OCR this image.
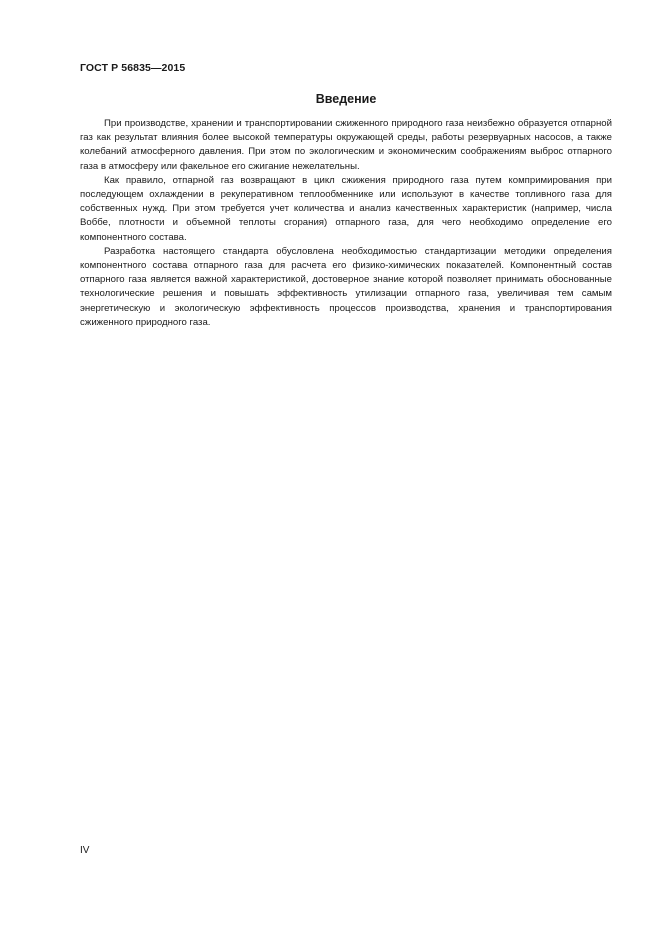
ГОСТ Р 56835—2015
Введение

При производстве, хранении и транспортировании сжиженного природного газа неизбежно образуется отпарной газ как результат влияния более высокой температуры окружающей среды, работы резервуарных насосов, а также колебаний атмосферного давления. При этом по экологическим и экономическим соображениям выброс отпарного газа в атмосферу или факельное его сжигание нежелательны.

Как правило, отпарной газ возвращают в цикл сжижения природного газа путем компримирования при последующем охлаждении в рекуперативном теплообменнике или используют в качестве топливного газа для собственных нужд. При этом требуется учет количества и анализ качественных характеристик (например, числа Воббе, плотности и объемной теплоты сгорания) отпарного газа, для чего необходимо определение его компонентного состава.

Разработка настоящего стандарта обусловлена необходимостью стандартизации методики определения компонентного состава отпарного газа для расчета его физико-химических показателей. Компонентный состав отпарного газа является важной характеристикой, достоверное знание которой позволяет принимать обоснованные технологические решения и повышать эффективность утилизации отпарного газа, увеличивая тем самым энергетическую и экологическую эффективность процессов производства, хранения и транспортирования сжиженного природного газа.

IV
